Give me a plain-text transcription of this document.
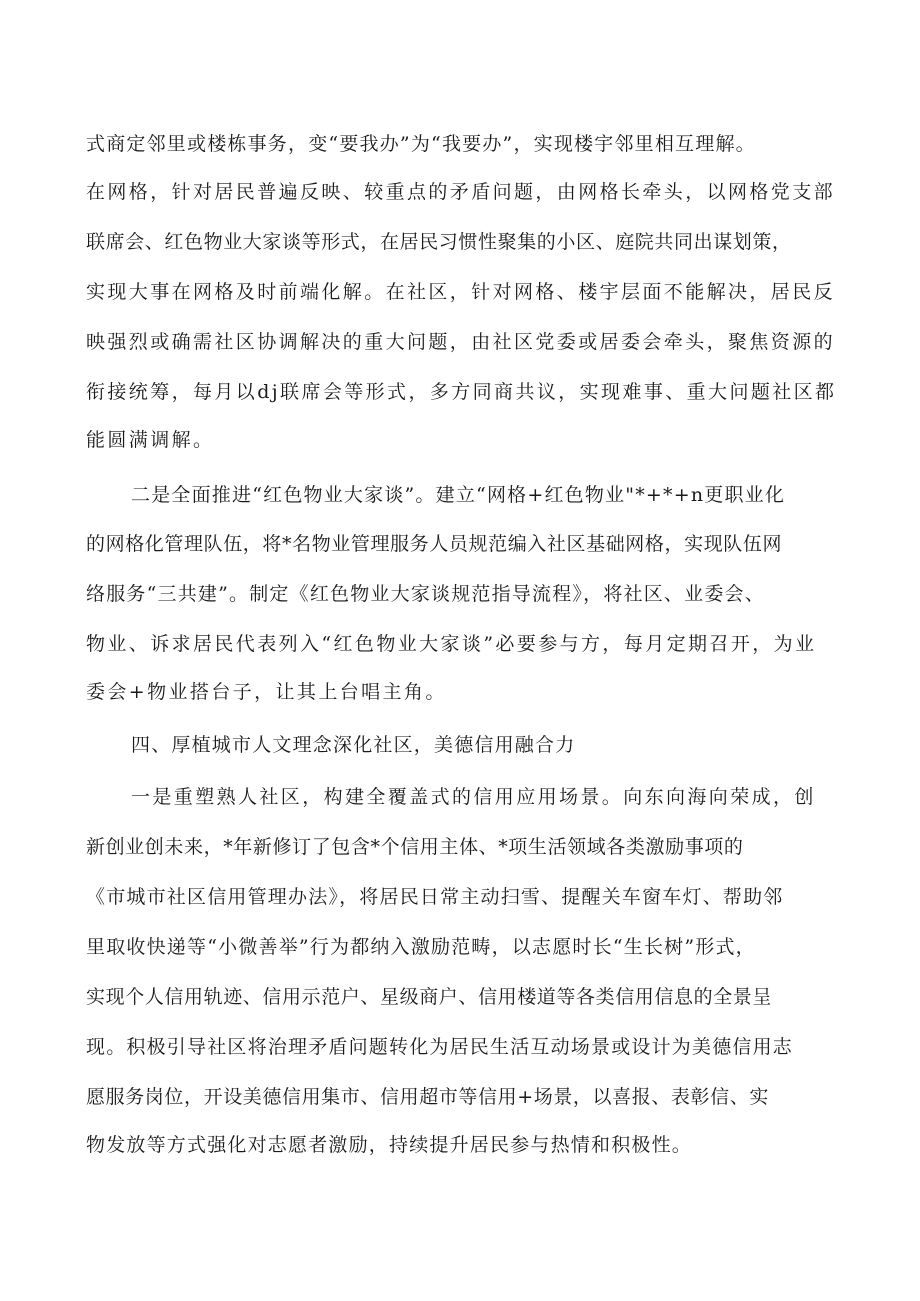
式商定邻里或楼栋事务，变“要我办”为“我要办”，实现楼宇邻里相互理解。
在网格，针对居民普遍反映、较重点的矛盾问题，由网格长牵头，以网格党支部
联席会、红色物业大家谈等形式，在居民习惯性聚集的小区、庭院共同出谋划策，
实现大事在网格及时前端化解。在社区，针对网格、楼宇层面不能解决，居民反
映强烈或确需社区协调解决的重大问题，由社区党委或居委会牵头，聚焦资源的
衔接统筹，每月以dj联席会等形式，多方同商共议，实现难事、重大问题社区都
能圆满调解。
二是全面推进“红色物业大家谈”。建立“网格+红色物业"*+*+n更职业化
的网格化管理队伍，将*名物业管理服务人员规范编入社区基础网格，实现队伍网
络服务“三共建”。制定《红色物业大家谈规范指导流程》，将社区、业委会、
物业、诉求居民代表列入“红色物业大家谈”必要参与方，每月定期召开，为业
委会+物业搭台子，让其上台唱主角。
四、厚植城市人文理念深化社区，美德信用融合力
一是重塑熟人社区，构建全覆盖式的信用应用场景。向东向海向荣成，创
新创业创未来，*年新修订了包含*个信用主体、*项生活领域各类激励事项的
《市城市社区信用管理办法》，将居民日常主动扫雪、提醒关车窗车灯、帮助邻
里取收快递等“小微善举”行为都纳入激励范畴，以志愿时长“生长树”形式，
实现个人信用轨迹、信用示范户、星级商户、信用楼道等各类信用信息的全景呈
现。积极引导社区将治理矛盾问题转化为居民生活互动场景或设计为美德信用志
愿服务岗位，开设美德信用集市、信用超市等信用+场景，以喜报、表彰信、实
物发放等方式强化对志愿者激励，持续提升居民参与热情和积极性。
